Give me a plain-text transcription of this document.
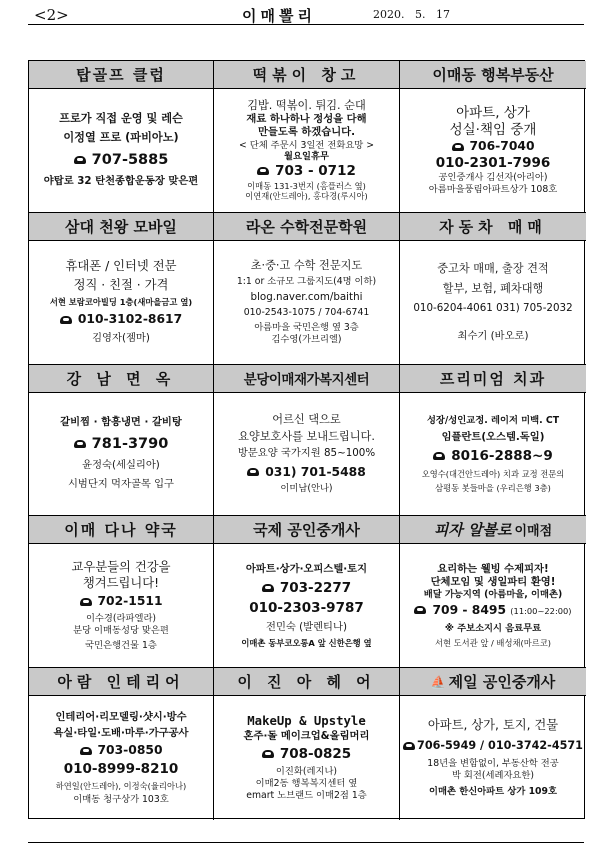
<2>	이매뽈리	2020.   5.   17
탑골프 클럽
프로가 직접 운영 및 레슨
이정열 프로 (파비아노)
707-5885
야탑로 32 탄천종합운동장 맞은편
떡볶이 창고
김밥. 떡볶이. 튀김. 순대
재료 하나하나 정성을 다해
만들도록 하겠습니다.
< 단체 주문시 3일전 전화요망 >
월요일휴무
703 - 0712
이매동 131-3번지 (홈플러스 옆)
이연재(안드레아), 홍다경(루시아)
이매동 행복부동산
아파트, 상가
성실·책임 중개
706-7040
010-2301-7996
공인중개사 김선자(아리아)
아름마을풍림아파트상가 108호
삼대 천왕 모바일
휴대폰 / 인터넷 전문
정직 · 친절 · 가격
서현 보람코아빌딩 1층(새마을금고 옆)
010-3102-8617
김영자(젬마)
라온 수학전문학원
초·중·고 수학 전문지도
1:1 or 소규모 그룹지도(4명 이하)
blog.naver.com/baithi
010-2543-1075 / 704-6741
아름마을 국민은행 옆 3층
김수영(가브리엘)
자동차 매매
중고차 매매, 출장 견적
할부, 보험, 폐차대행
010-6204-4061 031) 705-2032
최수기 (바오로)
강 남 면 옥
갈비찜 · 함흥냉면 · 갈비탕
781-3790
윤정숙(세실리아)
시범단지 먹자골목 입구
분당이매재가복지센터
어르신 댁으로
요양보호사를 보내드립니다.
방문요양 국가지원 85~100%
031) 701-5488
이미남(안나)
프리미엄 치과
성장/성인교정. 레이저 미백. CT
임플란트(오스템.독일)
8016-2888~9
오영수(대건안드레아) 치과 교정 전문의
삼평동 봇들마을 (우리은행 3층)
이매 다나 약국
교우분들의 건강을
챙겨드립니다!
702-1511
이수경(라파엘라)
분당 이매동성당 맞은편
국민은행건물 1층
국제 공인중개사
아파트·상가·오피스텔·토지
703-2277
010-2303-9787
전민숙 (발렌티나)
이매촌 동부코오롱A 앞 신한은행 옆
피자 알볼로 이매점
요리하는 웰빙 수제피자!
단체모임 및 생일파티 환영!
배달 가능지역 (아름마을, 이매촌)
709 - 8495 (11:00~22:00)
※ 주보소지시 음료무료
서현 도서관 앞 / 배성채(마르코)
아람 인테리어
인테리어·리모델링·샷시·방수
욕실·타일·도배·마루·가구공사
703-0850
010-8999-8210
하연일(안드레아), 이정숙(율리아나)
이매동 청구상가 103호
이 진 아 헤 어
MakeUp & Upstyle
혼주·돌 메이크업&올림머리
708-0825
이진화(레지나)
이매2동 행복복지센터 옆
emart 노브랜드 이매2점 1층
⛵ 제일 공인중개사
아파트, 상가, 토지, 건물
706-5949 / 010-3742-4571
18년을 변함없이, 부동산학 전공
박 회전(세례자요한)
이매촌 한신아파트 상가 109호
